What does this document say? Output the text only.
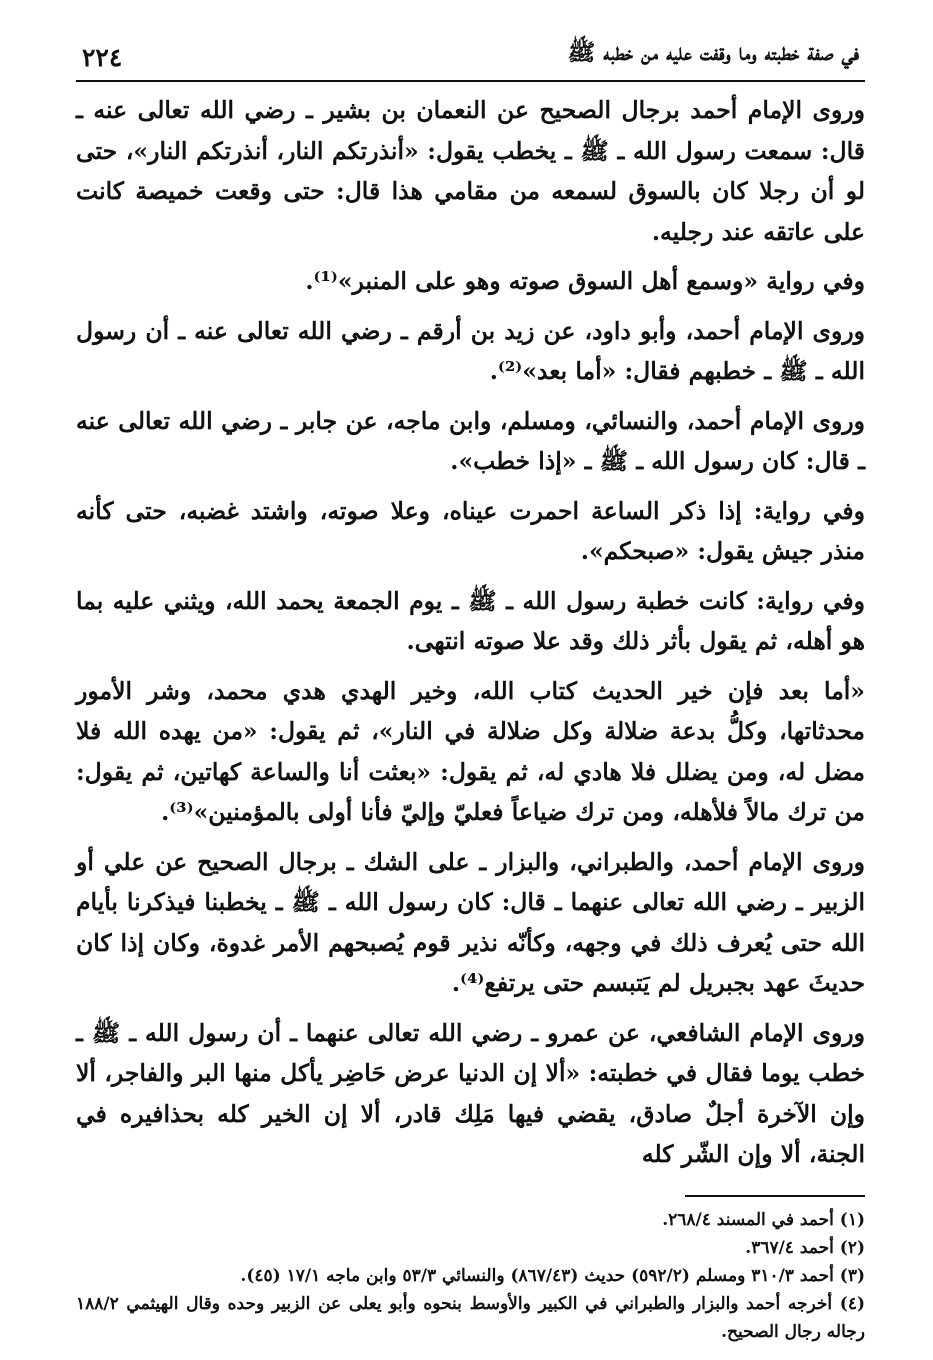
في صفة خطبته وما وقفت عليه من خطبه ﷺ
٢٢٤

وروى الإمام أحمد برجال الصحيح عن النعمان بن بشير ـ رضي الله تعالى عنه ـ قال: سمعت رسول الله ـ ﷺ ـ يخطب يقول: «أنذرتكم النار، أنذرتكم النار»، حتى لو أن رجلا كان بالسوق لسمعه من مقامي هذا قال: حتى وقعت خميصة كانت على عاتقه عند رجليه.

وفي رواية «وسمع أهل السوق صوته وهو على المنبر»⁽¹⁾.

وروى الإمام أحمد، وأبو داود، عن زيد بن أرقم ـ رضي الله تعالى عنه ـ أن رسول الله ـ ﷺ ـ خطبهم فقال: «أما بعد»⁽²⁾.

وروى الإمام أحمد، والنسائي، ومسلم، وابن ماجه، عن جابر ـ رضي الله تعالى عنه ـ قال: كان رسول الله ـ ﷺ ـ «إذا خطب».

وفي رواية: إذا ذكر الساعة احمرت عيناه، وعلا صوته، واشتد غضبه، حتى كأنه منذر جيش يقول: «صبحكم».

وفي رواية: كانت خطبة رسول الله ـ ﷺ ـ يوم الجمعة يحمد الله، ويثني عليه بما هو أهله، ثم يقول بأثر ذلك وقد علا صوته انتهى.

«أما بعد فإن خير الحديث كتاب الله، وخير الهدي هدي محمد، وشر الأمور محدثاتها، وكلُّ بدعة ضلالة وكل ضلالة في النار»، ثم يقول: «من يهده الله فلا مضل له، ومن يضلل فلا هادي له، ثم يقول: «بعثت أنا والساعة كهاتين، ثم يقول: من ترك مالاً فلأهله، ومن ترك ضياعاً فعليّ وإليّ فأنا أولى بالمؤمنين»⁽³⁾.

وروى الإمام أحمد، والطبراني، والبزار ـ على الشك ـ برجال الصحيح عن علي أو الزبير ـ رضي الله تعالى عنهما ـ قال: كان رسول الله ـ ﷺ ـ يخطبنا فيذكرنا بأيام الله حتى يُعرف ذلك في وجهه، وكأنّه نذير قوم يُصبحهم الأمر غدوة، وكان إذا كان حديثَ عهد بجبريل لم يَتبسم حتى يرتفع⁽⁴⁾.

وروى الإمام الشافعي، عن عمرو ـ رضي الله تعالى عنهما ـ أن رسول الله ـ ﷺ ـ خطب يوما فقال في خطبته: «ألا إن الدنيا عرض حَاضِر يأكل منها البر والفاجر، ألا وإن الآخرة أجلٌ صادق، يقضي فيها مَلِك قادر، ألا إن الخير كله بحذافيره في الجنة، ألا وإن الشّر كله

(١) أحمد في المسند ٢٦٨/٤.

(٢) أحمد ٣٦٧/٤.

(٣) أحمد ٣١٠/٣ ومسلم (٥٩٢/٢) حديث (٨٦٧/٤٣) والنسائي ٥٣/٣ وابن ماجه ١٧/١ (٤٥).

(٤) أخرجه أحمد والبزار والطبراني في الكبير والأوسط بنحوه وأبو يعلى عن الزبير وحده وقال الهيثمي ١٨٨/٢ رجاله رجال الصحيح.
